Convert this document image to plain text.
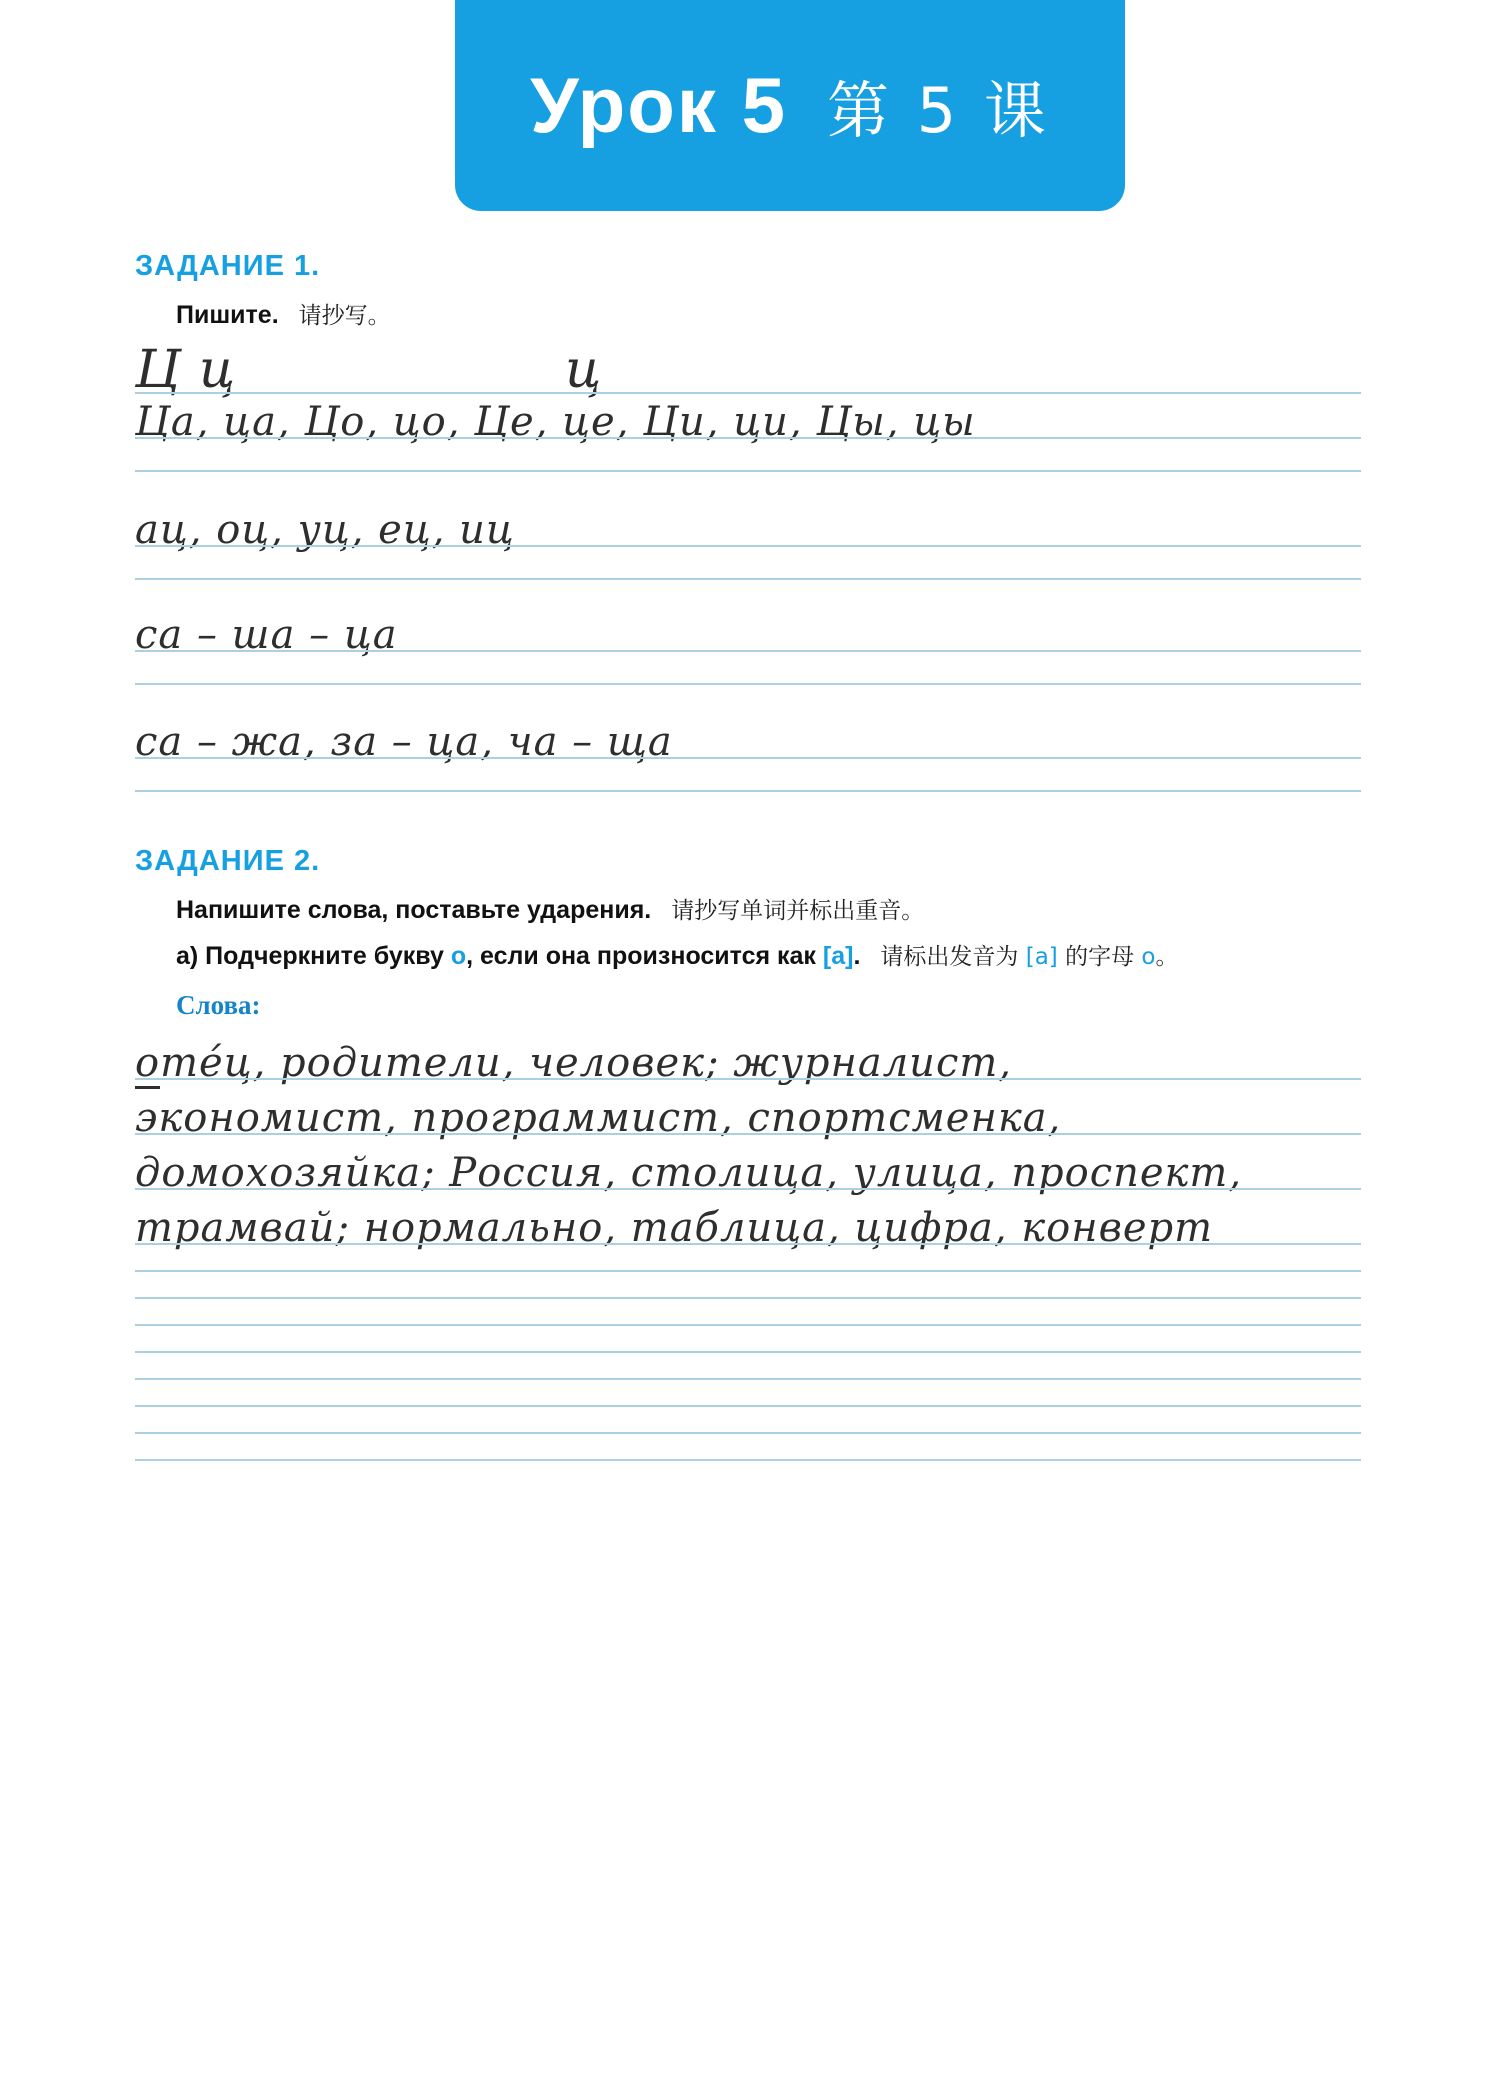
Урок 5 第 5 课
ЗАДАНИЕ 1.
Пишите. 请抄写。
Ц ц	ц
Ца, ца, Цо, цо, Це, це, Ци, ци, Цы, цы
ац, оц, уц, ец, иц
са – ша – ца
са – жа, за – ца, ча – ща
ЗАДАНИЕ 2.
Напишите слова, поставьте ударения. 请抄写单词并标出重音。
а) Подчеркните букву о, если она произносится как [а]. 请标出发音为 [а] 的字母 о。
Слова:
оте́ц, родители, человек; журналист,
экономист, программист, спортсменка,
домохозяйка; Россия, столица, улица, проспект,
трамвай; нормально, таблица, цифра, конверт
